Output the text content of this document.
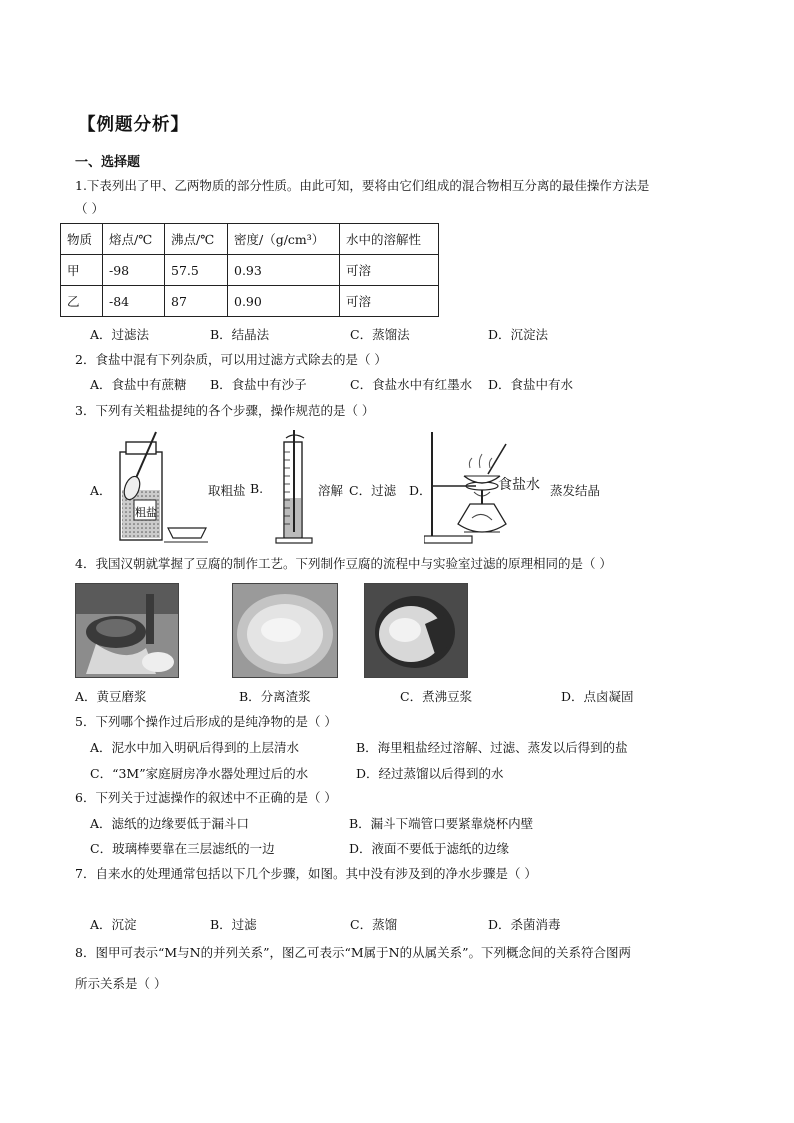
【例题分析】
一、选择题
1.下表列出了甲、乙两物质的部分性质。由此可知，要将由它们组成的混合物相互分离的最佳操作方法是
（ ）
物质	熔点/℃	沸点/℃	密度/（g/cm³）	水中的溶解性
甲	-98	57.5	0.93	可溶
乙	-84	87	0.90	可溶
A．过滤法	B．结晶法	C．蒸馏法	D．沉淀法
2．食盐中混有下列杂质，可以用过滤方式除去的是（ ）
A．食盐中有蔗糖 B．食盐中有沙子	C．食盐水中有红墨水 D．食盐中有水
3．下列有关粗盐提纯的各个步骤，操作规范的是（ ）
A．
粗盐
取粗盐 B.	溶解 C．过滤 D．	食盐水 蒸发结晶
4．我国汉朝就掌握了豆腐的制作工艺。下列制作豆腐的流程中与实验室过滤的原理相同的是（ ）
A．黄豆磨浆	B．分离渣浆	C．煮沸豆浆	D．点卤凝固
5．下列哪个操作过后形成的是纯净物的是（ ）
A．泥水中加入明矾后得到的上层清水	B．海里粗盐经过溶解、过滤、蒸发以后得到的盐
C．“3M”家庭厨房净水器处理过后的水	D．经过蒸馏以后得到的水
6．下列关于过滤操作的叙述中不正确的是（ ）
A．滤纸的边缘要低于漏斗口	B．漏斗下端管口要紧靠烧杯内壁
C．玻璃棒要靠在三层滤纸的一边	D．液面不要低于滤纸的边缘
7．自来水的处理通常包括以下几个步骤，如图。其中没有涉及到的净水步骤是（ ）
A．沉淀	B．过滤	C．蒸馏	D．杀菌消毒
8．图甲可表示“M与N的并列关系”，图乙可表示“M属于N的从属关系”。下列概念间的关系符合图两
所示关系是（ ）
